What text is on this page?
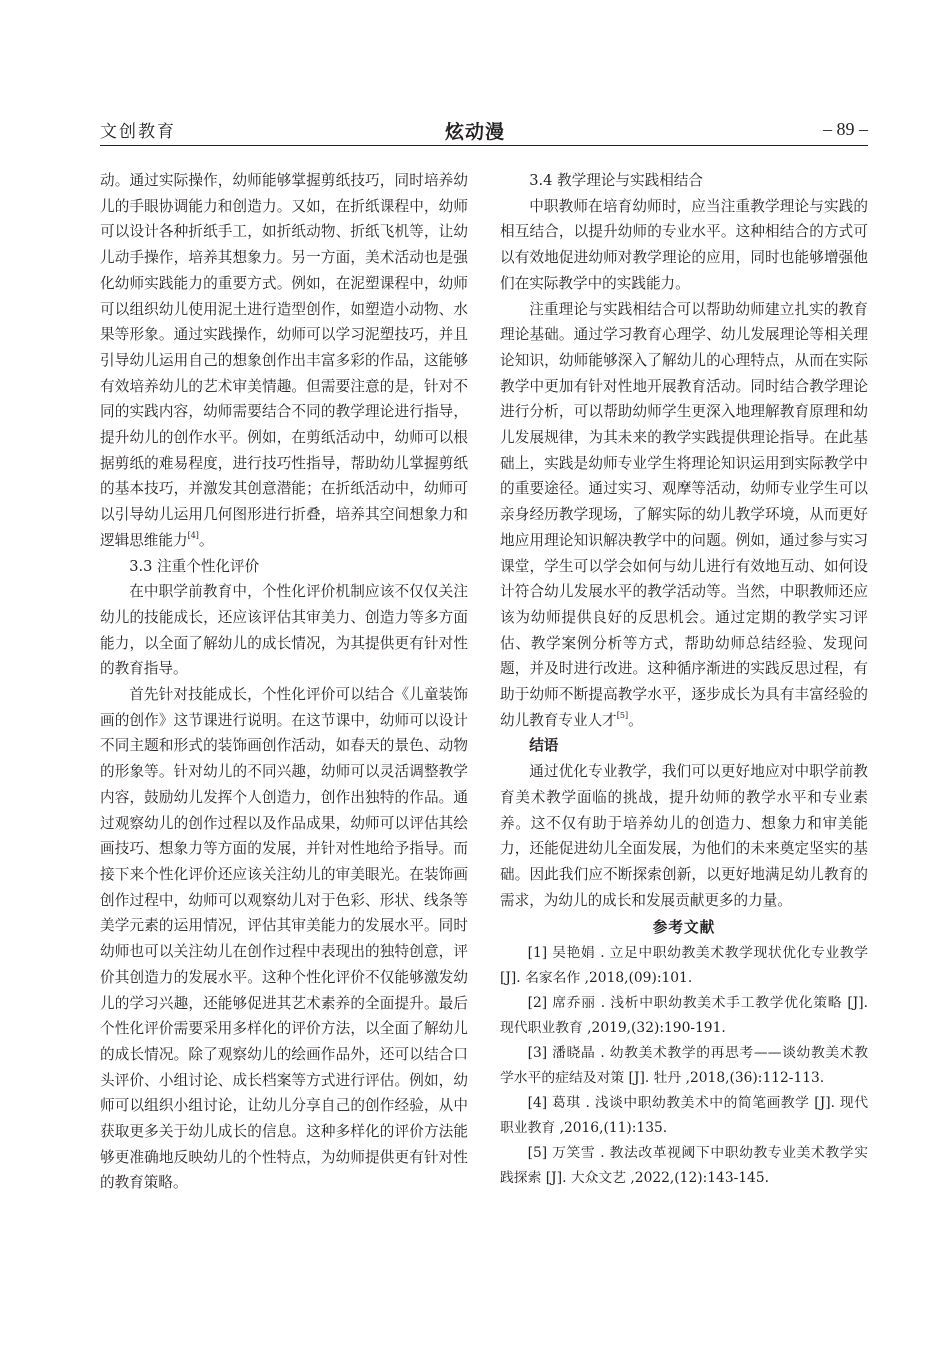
文创教育	炫动漫	– 89 –

动。通过实际操作，幼师能够掌握剪纸技巧，同时培养幼儿的手眼协调能力和创造力。又如，在折纸课程中，幼师可以设计各种折纸手工，如折纸动物、折纸飞机等，让幼儿动手操作，培养其想象力。另一方面，美术活动也是强化幼师实践能力的重要方式。例如，在泥塑课程中，幼师可以组织幼儿使用泥土进行造型创作，如塑造小动物、水果等形象。通过实践操作，幼师可以学习泥塑技巧，并且引导幼儿运用自己的想象创作出丰富多彩的作品，这能够有效培养幼儿的艺术审美情趣。但需要注意的是，针对不同的实践内容，幼师需要结合不同的教学理论进行指导，提升幼儿的创作水平。例如，在剪纸活动中，幼师可以根据剪纸的难易程度，进行技巧性指导，帮助幼儿掌握剪纸的基本技巧，并激发其创意潜能；在折纸活动中，幼师可以引导幼儿运用几何图形进行折叠，培养其空间想象力和逻辑思维能力[4]。

3.3 注重个性化评价

在中职学前教育中，个性化评价机制应该不仅仅关注幼儿的技能成长，还应该评估其审美力、创造力等多方面能力，以全面了解幼儿的成长情况，为其提供更有针对性的教育指导。

首先针对技能成长，个性化评价可以结合《儿童装饰画的创作》这节课进行说明。在这节课中，幼师可以设计不同主题和形式的装饰画创作活动，如春天的景色、动物的形象等。针对幼儿的不同兴趣，幼师可以灵活调整教学内容，鼓励幼儿发挥个人创造力，创作出独特的作品。通过观察幼儿的创作过程以及作品成果，幼师可以评估其绘画技巧、想象力等方面的发展，并针对性地给予指导。而接下来个性化评价还应该关注幼儿的审美眼光。在装饰画创作过程中，幼师可以观察幼儿对于色彩、形状、线条等美学元素的运用情况，评估其审美能力的发展水平。同时幼师也可以关注幼儿在创作过程中表现出的独特创意，评价其创造力的发展水平。这种个性化评价不仅能够激发幼儿的学习兴趣，还能够促进其艺术素养的全面提升。最后个性化评价需要采用多样化的评价方法，以全面了解幼儿的成长情况。除了观察幼儿的绘画作品外，还可以结合口头评价、小组讨论、成长档案等方式进行评估。例如，幼师可以组织小组讨论，让幼儿分享自己的创作经验，从中获取更多关于幼儿成长的信息。这种多样化的评价方法能够更准确地反映幼儿的个性特点，为幼师提供更有针对性的教育策略。

3.4 教学理论与实践相结合

中职教师在培育幼师时，应当注重教学理论与实践的相互结合，以提升幼师的专业水平。这种相结合的方式可以有效地促进幼师对教学理论的应用，同时也能够增强他们在实际教学中的实践能力。

注重理论与实践相结合可以帮助幼师建立扎实的教育理论基础。通过学习教育心理学、幼儿发展理论等相关理论知识，幼师能够深入了解幼儿的心理特点，从而在实际教学中更加有针对性地开展教育活动。同时结合教学理论进行分析，可以帮助幼师学生更深入地理解教育原理和幼儿发展规律，为其未来的教学实践提供理论指导。在此基础上，实践是幼师专业学生将理论知识运用到实际教学中的重要途径。通过实习、观摩等活动，幼师专业学生可以亲身经历教学现场，了解实际的幼儿教学环境，从而更好地应用理论知识解决教学中的问题。例如，通过参与实习课堂，学生可以学会如何与幼儿进行有效地互动、如何设计符合幼儿发展水平的教学活动等。当然，中职教师还应该为幼师提供良好的反思机会。通过定期的教学实习评估、教学案例分析等方式，帮助幼师总结经验、发现问题，并及时进行改进。这种循序渐进的实践反思过程，有助于幼师不断提高教学水平，逐步成长为具有丰富经验的幼儿教育专业人才[5]。

结语

通过优化专业教学，我们可以更好地应对中职学前教育美术教学面临的挑战，提升幼师的教学水平和专业素养。这不仅有助于培养幼儿的创造力、想象力和审美能力，还能促进幼儿全面发展，为他们的未来奠定坚实的基础。因此我们应不断探索创新，以更好地满足幼儿教育的需求，为幼儿的成长和发展贡献更多的力量。

参考文献

[1] 吴艳娟 . 立足中职幼教美术教学现状优化专业教学 [J]. 名家名作 ,2018,(09):101.

[2] 席乔丽 . 浅析中职幼教美术手工教学优化策略 [J]. 现代职业教育 ,2019,(32):190-191.

[3] 潘晓晶 . 幼教美术教学的再思考——谈幼教美术教学水平的症结及对策 [J]. 牡丹 ,2018,(36):112-113.

[4] 葛琪 . 浅谈中职幼教美术中的简笔画教学 [J]. 现代职业教育 ,2016,(11):135.

[5] 万笑雪 . 教法改革视阈下中职幼教专业美术教学实践探索 [J]. 大众文艺 ,2022,(12):143-145.
